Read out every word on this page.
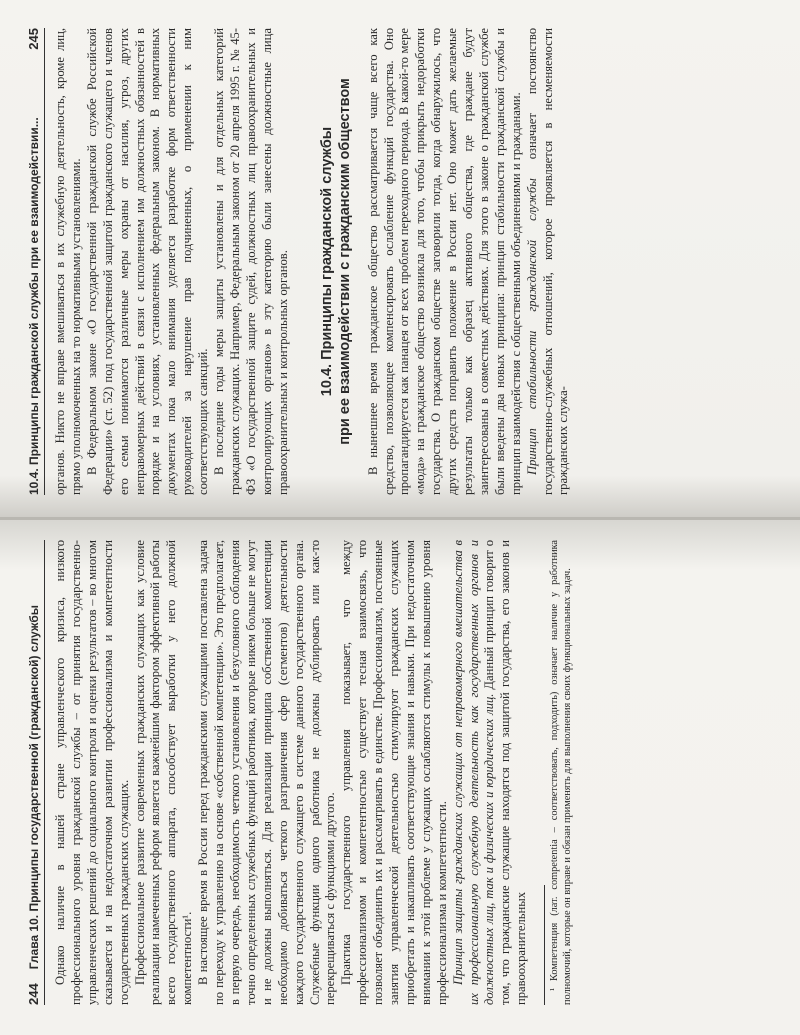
244
Глава 10. Принципы государственной (гражданской) службы Однако наличие в нашей стране управленческого кризиса, низкого профессионального уровня гражданской службы – от принятия государственно-управленческих решений до социального контроля и оценки результатов – во многом сказывается и на недостаточном развитии профессионализма и компетентности государственных гражданских служащих. Профессиональное развитие современных гражданских служащих как условие реализации намеченных реформ является важнейшим фактором эффективной работы всего государственного аппарата, способствует выработки у него должной компетентности¹. В настоящее время в России перед гражданскими служащими поставлена задача по переходу к управлению на основе «собственной компетенции». Это предполагает, в первую очередь, необходимость четкого установления и безусловного соблюдения точно определенных служебных функций работника, которые никем больше не могут и не должны выполняться. Для реализации принципа собственной компетенции необходимо добиваться четкого разграничения сфер (сегментов) деятельности каждого государственного служащего в системе данного государственного органа. Служебные функции одного работника не должны дублировать или как-то перекрещиваться с функциями другого. Практика государственного управления показывает, что между профессионализмом и компетентностью существует тесная взаимосвязь, что позволяет объединить их и рассматривать в единстве. Профессионализм, постоянные занятия управленческой деятельностью стимулируют гражданских служащих приобретать и накапливать соответствующие знания и навыки. При недостаточном внимании к этой проблеме у служащих ослабляются стимулы к повышению уровня профессионализма и компетентности. Принцип защиты гражданских служащих от неправомерного вмешательства в их профессиональную служебную деятельность как государственных органов и должностных лиц, так и физических и юридических лиц. Данный принцип говорит о том, что гражданские служащие находятся под защитой государства, его законов и правоохранительных ¹ Компетенция (лат. competentia – соответствовать, подходить) означает наличие у работника полномочий, которые он вправе и обязан применять для выполнения своих функциональных задач.

10.4. Принципы гражданской службы при ее взаимодействии...
245 органов. Никто не вправе вмешиваться в их служебную деятельность, кроме лиц, прямо уполномоченных на то нормативными установлениями. В Федеральном законе «О государственной гражданской службе Российской Федерации» (ст. 52) под государственной защитой гражданского служащего и членов его семьи понимаются различные меры охраны от насилия, угроз, других неправомерных действий в связи с исполнением им должностных обязанностей в порядке и на условиях, установленных федеральным законом. В нормативных документах пока мало внимания уделяется разработке форм ответственности руководителей за нарушение прав подчиненных, о применении к ним соответствующих санкций. В последние годы меры защиты установлены и для отдельных категорий гражданских служащих. Например, Федеральным законом от 20 апреля 1995 г. № 45-ФЗ «О государственной защите судей, должностных лиц правоохранительных и контролирующих органов» в эту категорию были занесены должностные лица правоохранительных и контрольных органов. 10.4. Принципы гражданской службы при ее взаимодействии с гражданским обществом В нынешнее время гражданское общество рассматривается чаще всего как средство, позволяющее компенсировать ослабление функций государства. Оно пропагандируется как панацея от всех проблем переходного периода. В какой-то мере «мода» на гражданское общество возникла для того, чтобы прикрыть недоработки государства. О гражданском обществе заговорили тогда, когда обнаружилось, что других средств поправить положение в России нет. Оно может дать желаемые результаты только как образец активного общества, где граждане будут заинтересованы в совместных действиях. Для этого в законе о гражданской службе были введены два новых принципа: принцип стабильности гражданской службы и принцип взаимодействия с общественными объединениями и гражданами. Принцип стабильности гражданской службы означает постоянство государственно-служебных отношений, которое проявляется в несменяемости гражданских служа-
